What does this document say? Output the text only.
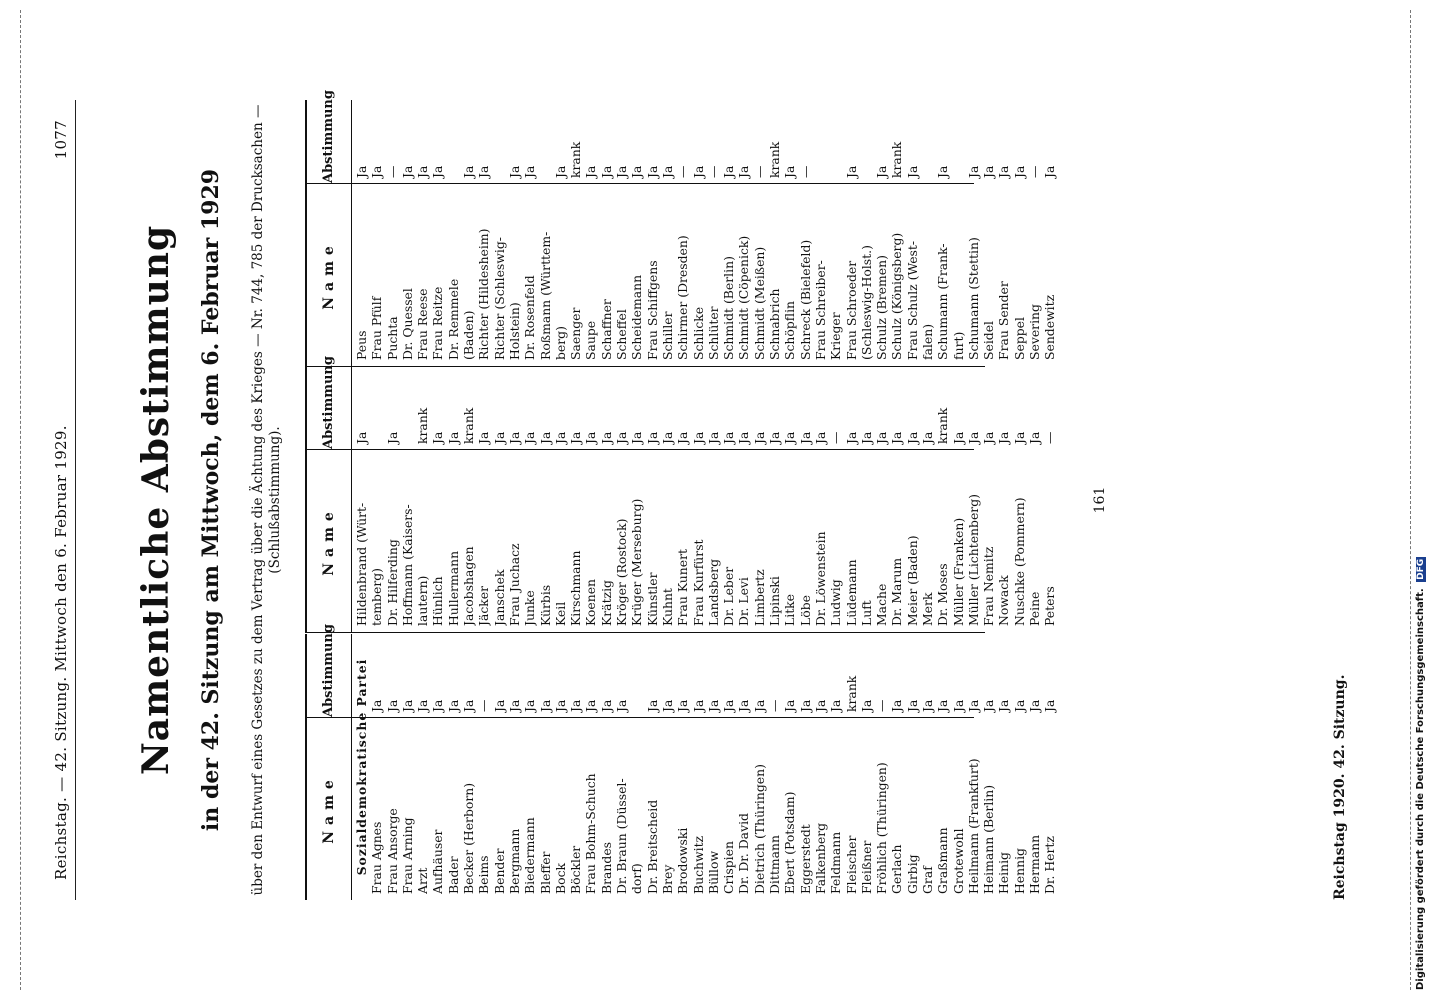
Reichstag. — 42. Sitzung. Mittwoch den 6. Februar 1929.
1077
Namentliche Abstimmung in der 42. Sitzung am Mittwoch, dem 6. Februar 1929 über den Entwurf eines Gesetzes zu dem Vertrag über die Ächtung des Krieges — Nr. 744, 785 der Drucksachen — (Schlußabstimmung).
Name
Abstimmung	Sozialdemokratische Partei Frau Agnes
Ja
Frau Ansorge
Ja
Frau Arning
Ja
Arzt
Ja
Aufhäuser
Ja
Bader
Ja
Becker (Herborn)
Ja
Beims
—
Bender
Ja
Bergmann
Ja
Biedermann
Ja
Bleffer
Ja
Bock
Ja
Böckler
Ja
Frau Bohm-Schuch
Ja
Brandes
Ja
Dr. Braun (Düssel-
Ja
dorf) Dr. Breitscheid
Ja
Brey
Ja
Brodowski
Ja
Buchwitz
Ja
Büllow
Ja
Crispien
Ja
Dr. Dr. David
Ja
Dietrich (Thüringen)
Ja
Dittmann
—
Ebert (Potsdam)
Ja
Eggerstedt
Ja
Falkenberg
Ja
Feldmann
Ja
Fleischer
krank
Fleißner
Ja
Fröhlich (Thüringen)
—
Gerlach
Ja
Girbig
Ja
Graf
Ja
Graßmann
Ja
Grotewohl
Ja
Heilmann (Frankfurt)
Ja
Heimann (Berlin)
Ja
Heinig
Ja
Hennig
Ja
Hermann
Ja
Dr. Hertz
Ja
Name
Abstimmung
Hildenbrand (Würt-
Ja
temberg) Dr. Hilferding
Ja
Hoffmann (Kaisers- lautern)
krank
Hünlich
Ja
Hullermann
Ja
Jacobshagen
krank
Jäcker
Ja
Janschek
Ja
Frau Juchacz
Ja
Junke
Ja
Kürbis
Ja
Keil
Ja
Kirschmann
Ja
Koenen
Ja
Krätzig
Ja
Kröger (Rostock)
Ja
Krüger (Merseburg)
Ja
Künstler
Ja
Kuhnt
Ja
Frau Kunert
Ja
Frau Kurfürst
Ja
Landsberg
Ja
Dr. Leber
Ja
Dr. Levi
Ja
Limbertz
Ja
Lipinski
Ja
Litke
Ja
Löbe
Ja
Dr. Löwenstein
Ja
Ludwig
—
Lüdemann
Ja
Luft
Ja
Mache
Ja
Dr. Marum
Ja
Meier (Baden)
Ja
Merk
Ja
Dr. Moses
krank
Müller (Franken)
Ja
Müller (Lichtenberg)
Ja
Frau Nemitz
Ja
Nowack
Ja
Nuschke (Pommern)
Ja
Peine
Ja
Peters
—
Name
Abstimmung
Peus
Ja
Frau Pfülf
Ja
Puchta
—
Dr. Quessel
Ja
Frau Reese
Ja
Frau Reitze
Ja
Dr. Remmele (Baden)
Ja
Richter (Hildesheim)
Ja
Richter (Schleswig- Holstein)
Ja
Dr. Rosenfeld
Ja
Roßmann (Württem- berg)
Ja
Saenger
krank
Saupe
Ja
Schaffner
Ja
Scheffel
Ja
Scheidemann
Ja
Frau Schiffgens
Ja
Schiller
Ja
Schirmer (Dresden)
—
Schlicke
Ja
Schlüter
—
Schmidt (Berlin)
Ja
Schmidt (Cöpenick)
Ja
Schmidt (Meißen)
—
Schnabrich
krank
Schöpflin
Ja
Schreck (Bielefeld)
—
Frau Schreiber- Krieger Frau Schroeder
Ja
(Schleswig-Holst.) Schulz (Bremen)
Ja
Schulz (Königsberg)
krank
Frau Schulz (West-
Ja
falen) Schumann (Frank-
Ja
furt) Schumann (Stettin)
Ja
Seidel
Ja
Frau Sender
Ja
Seppel
Ja
Severing
—
Sendewitz
Ja
161
Reichstag 1920. 42. Sitzung.	Digitalisierung gefördert durch die Deutsche Forschungsgemeinschaft. DFG
